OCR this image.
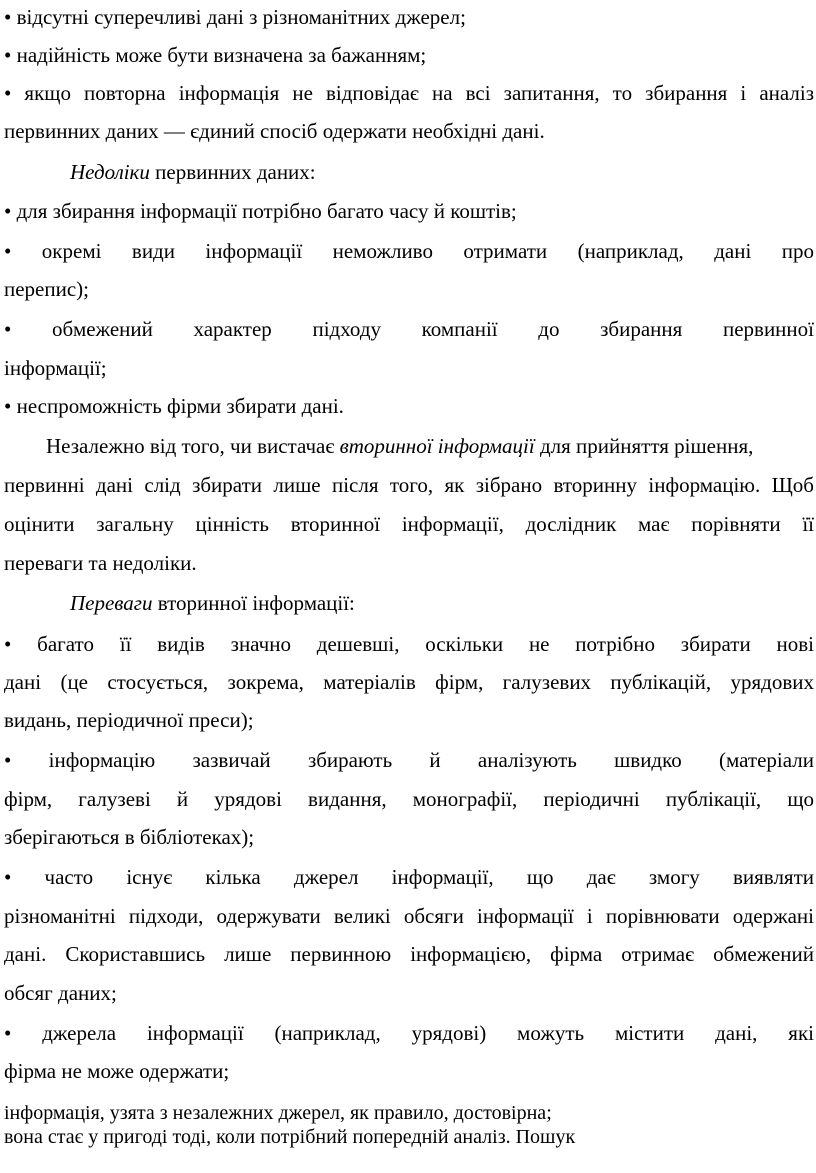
• відсутні суперечливі дані з різноманітних джерел;
• надійність може бути визначена за бажанням;
• якщо повторна інформація не відповідає на всі запитання, то збирання і аналіз
первинних даних — єдиний спосіб одержати необхідні дані.
Недоліки первинних даних:
• для збирання інформації потрібно багато часу й коштів;
• окремі види інформації неможливо отримати (наприклад, дані про
перепис);
• обмежений характер підходу компанії до збирання первинної
інформації;
• неспроможність фірми збирати дані.
Незалежно від того, чи вистачає вторинної інформації для прийняття рішення,
первинні дані слід збирати лише після того, як зібрано вторинну інформацію. Щоб
оцінити загальну цінність вторинної інформації, дослідник має порівняти її
переваги та недоліки.
Переваги вторинної інформації:
• багато її видів значно дешевші, оскільки не потрібно збирати нові
дані (це стосується, зокрема, матеріалів фірм, галузевих публікацій, урядових
видань, періодичної преси);
• інформацію зазвичай збирають й аналізують швидко (матеріали
фірм, галузеві й урядові видання, монографії, періодичні публікації, що
зберігаються в бібліотеках);
• часто існує кілька джерел інформації, що дає змогу виявляти
різноманітні підходи, одержувати великі обсяги інформації і порівнювати одержані
дані. Скориставшись лише первинною інформацією, фірма отримає обмежений
обсяг даних;
• джерела інформації (наприклад, урядові) можуть містити дані, які
фірма не може одержати;
інформація, узята з незалежних джерел, як правило, достовірна;
вона стає у пригоді тоді, коли потрібний попередній аналіз. Пошук
